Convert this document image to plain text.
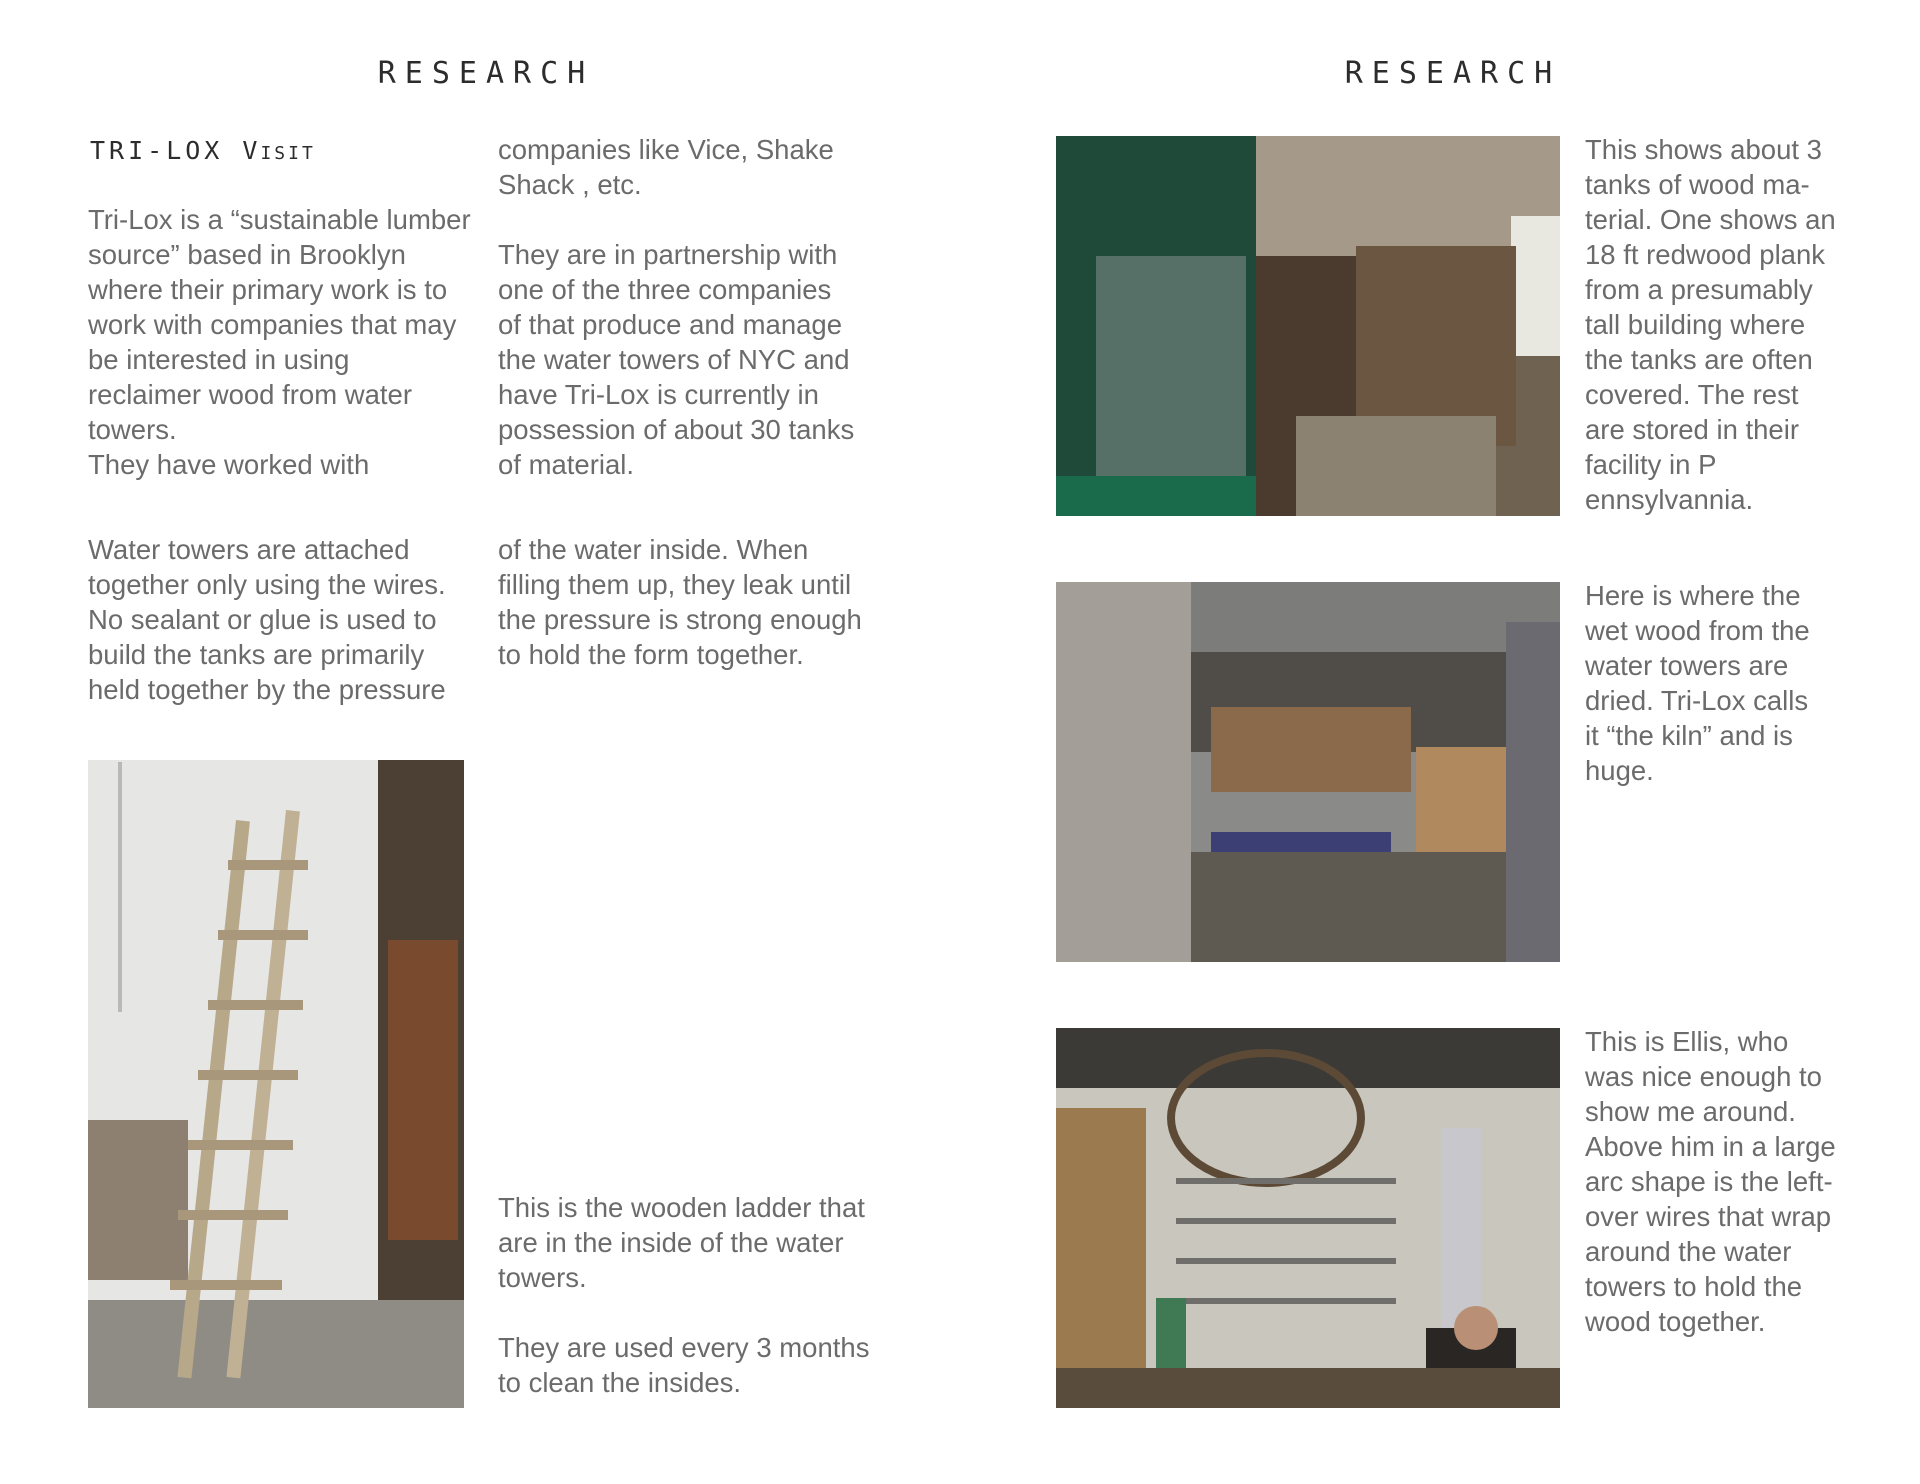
RESEARCH
TRI-LOX Visit
Tri-Lox is a “sustainable lumber
source” based in Brooklyn
where their primary work is to
work with companies that may
be interested in using
reclaimer wood from water
towers.
They have worked with
companies like Vice, Shake
Shack , etc.

They are in partnership with
one of the three companies
of that produce and manage
the water towers of NYC and
have Tri-Lox is currently in
possession of about 30 tanks
of material.
Water towers are attached
together only using the wires.
No sealant or glue is used to
build the tanks are primarily
held together by the pressure
of the water inside. When
filling them up, they leak until
the pressure is strong enough
to hold the form together.
This is the wooden ladder that
are in the inside of the water
towers.

They are used every 3 months
to clean the insides.
RESEARCH
This shows about 3
tanks of wood ma-
terial. One shows an
18 ft redwood plank
from a presumably
tall building where
the tanks are often
covered. The rest
are stored in their
facility in P
ennsylvannia.
Here is where the
wet wood from the
water towers are
dried. Tri-Lox calls
it “the kiln” and is
huge.
This is Ellis, who
was nice enough to
show me around.
Above him in a large
arc shape is the left-
over wires that wrap
around the water
towers to hold the
wood together.
